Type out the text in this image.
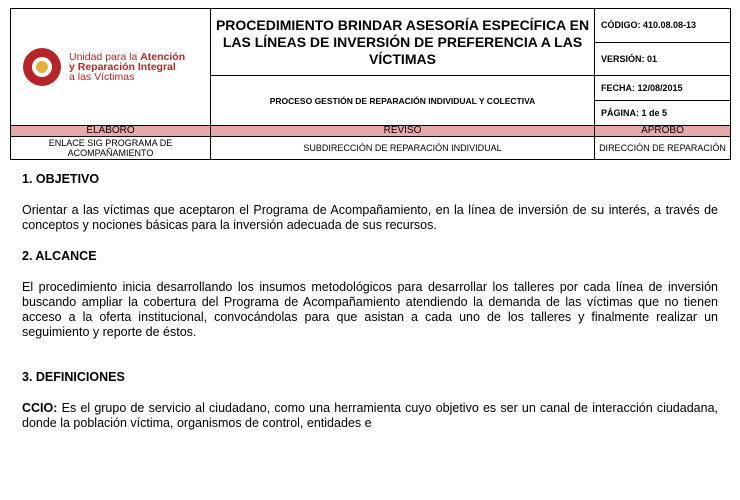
Unidad para la Atención
y Reparación Integral
a las Víctimas	PROCEDIMIENTO BRINDAR ASESORÍA ESPECÍFICA EN LAS LÍNEAS DE INVERSIÓN DE PREFERENCIA A LAS VÍCTIMAS	CÓDIGO: 410.08.08-13
		VERSIÓN: 01
	PROCESO GESTIÓN DE REPARACIÓN INDIVIDUAL Y COLECTIVA	FECHA: 12/08/2015
		PÁGINA: 1 de 5
ELABORO	REVISO	APROBO
ENLACE SIG PROGRAMA DE ACOMPAÑAMIENTO	SUBDIRECCIÓN DE REPARACIÓN INDIVIDUAL	DIRECCIÓN DE REPARACIÓN

1. OBJETIVO

Orientar a las víctimas que aceptaron el Programa de Acompañamiento, en la línea de inversión de su interés, a través de conceptos y nociones básicas para la inversión adecuada de sus recursos.

2. ALCANCE

El procedimiento inicia desarrollando los insumos metodológicos para desarrollar los talleres por cada línea de inversión buscando ampliar la cobertura del Programa de Acompañamiento atendiendo la demanda de las víctimas que no tienen acceso a la oferta institucional, convocándolas para que asistan a cada uno de los talleres y finalmente realizar un seguimiento y reporte de éstos.

3. DEFINICIONES

CCIO: Es el grupo de servicio al ciudadano, como una herramienta cuyo objetivo es ser un canal de interacción ciudadana, donde la población víctima, organismos de control, entidades e
